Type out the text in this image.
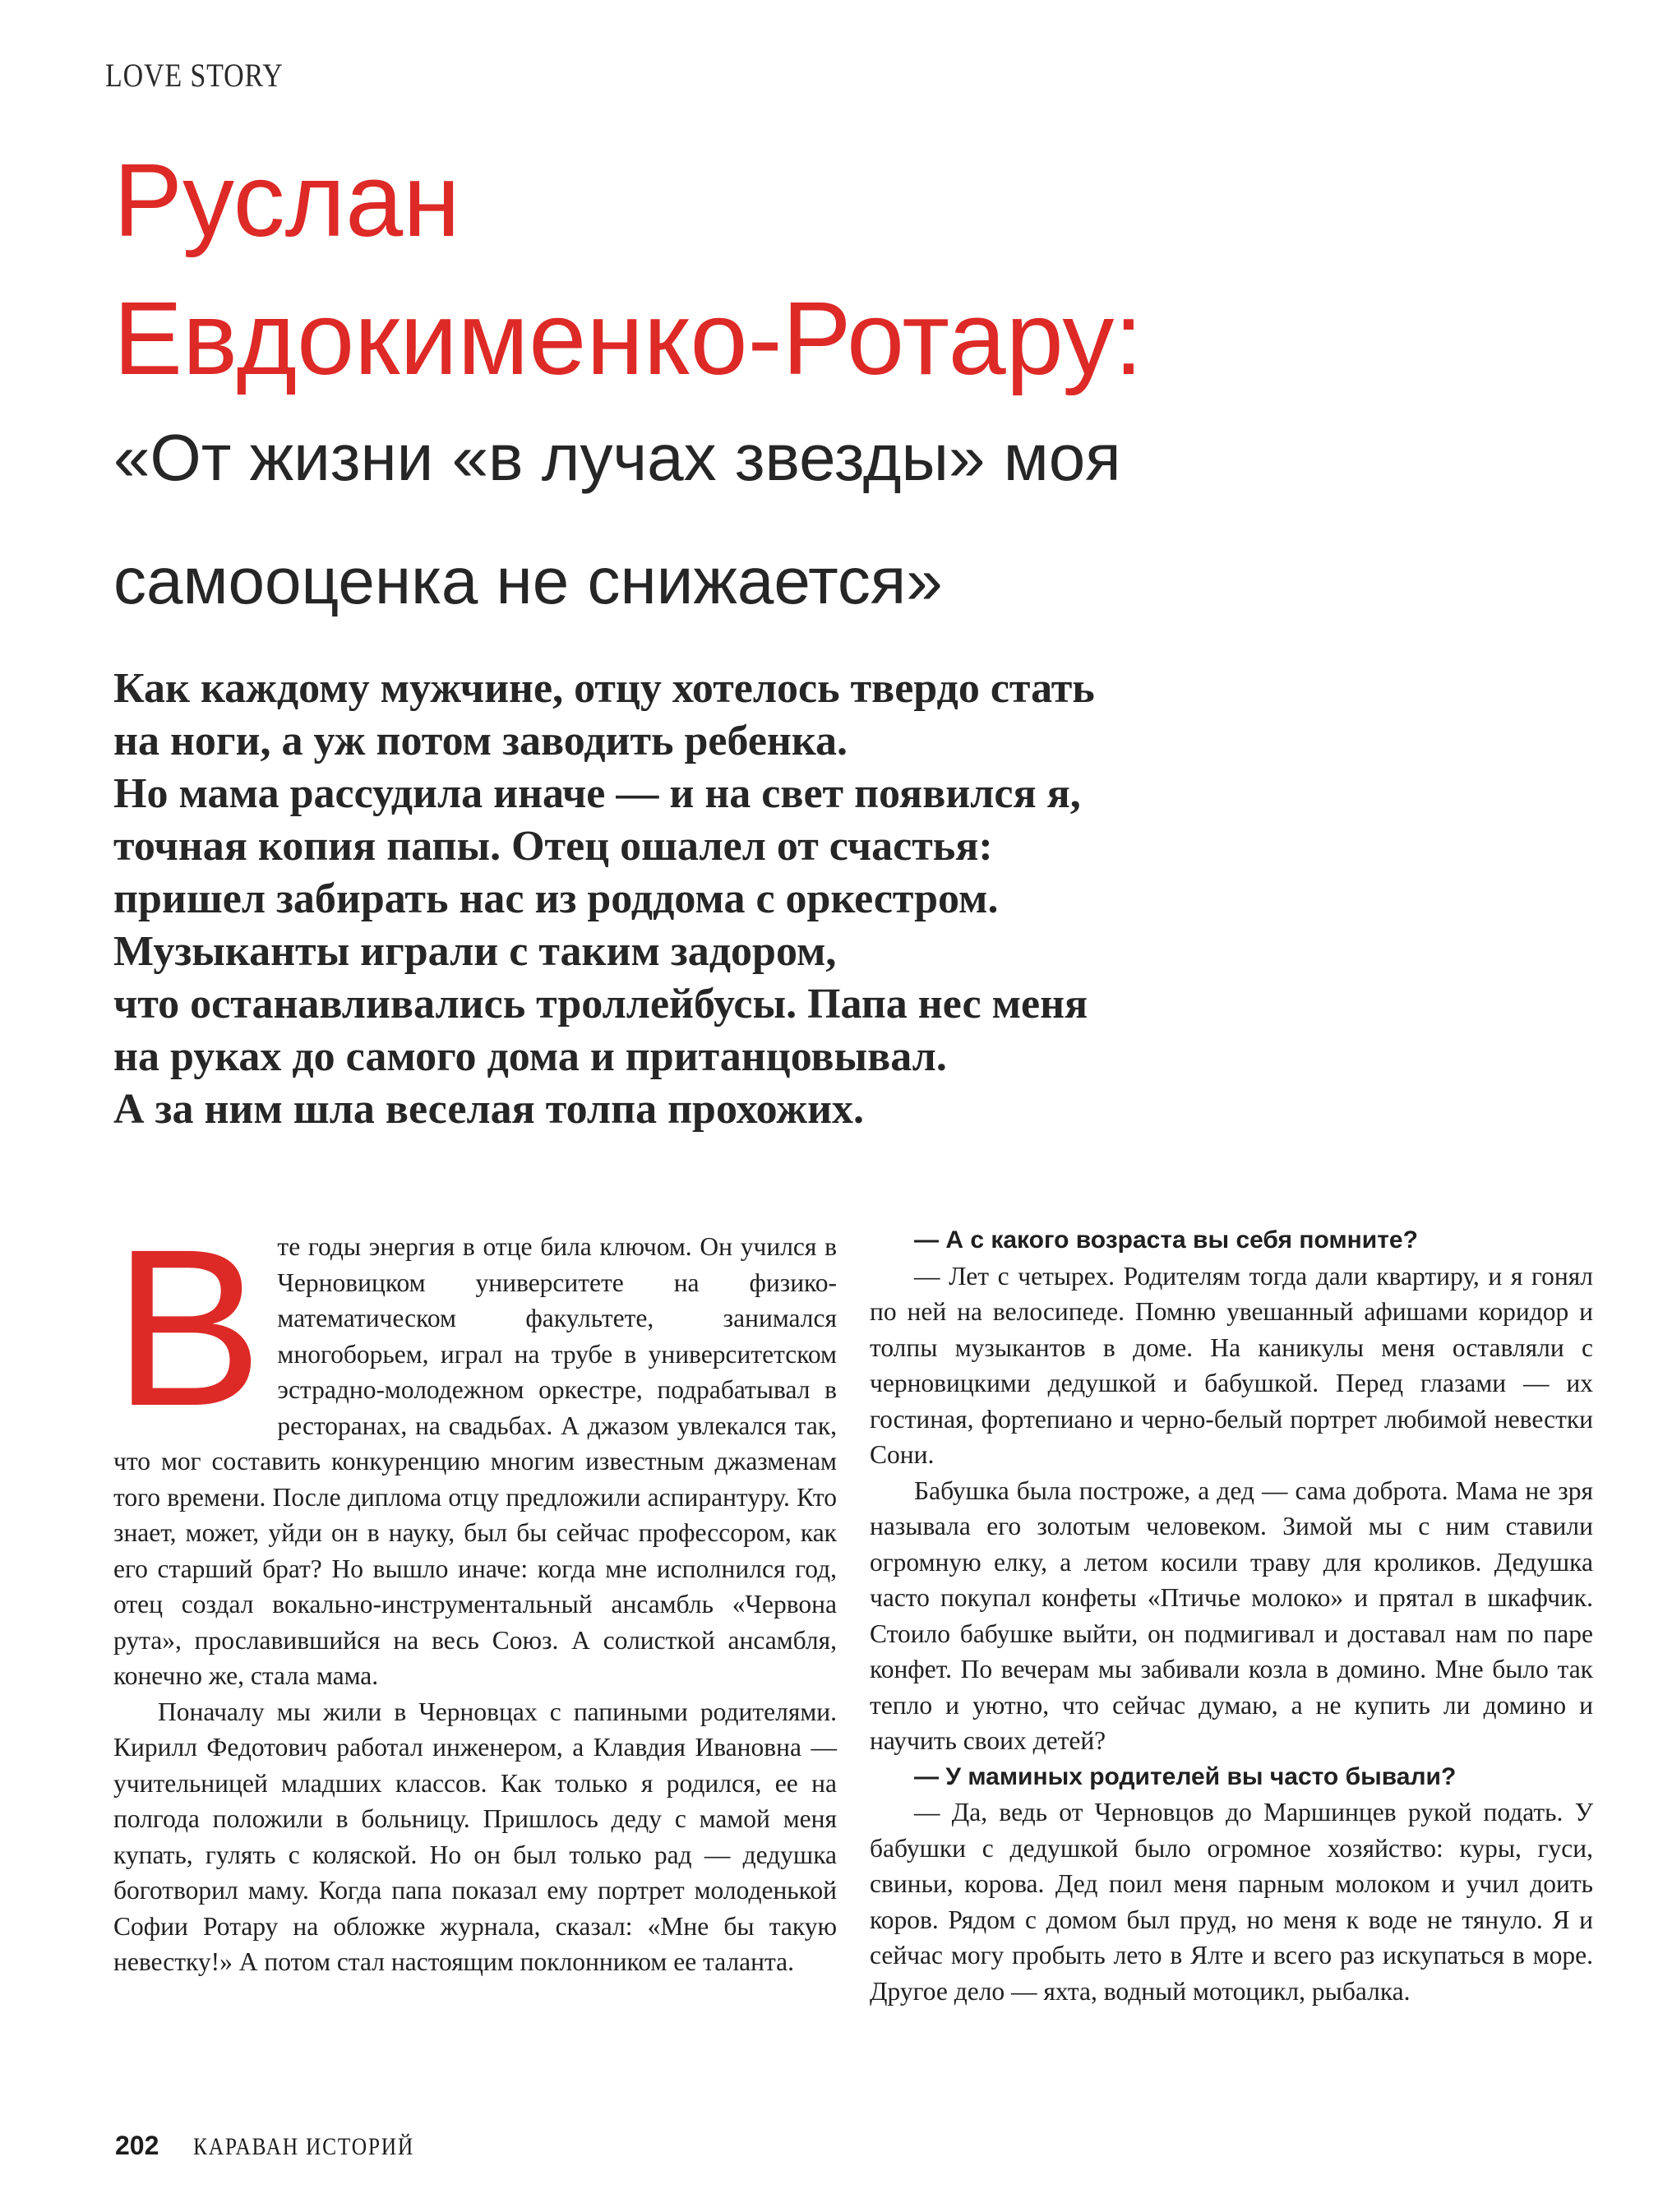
LOVE STORY
Руслан
Евдокименко-Ротару:
«От жизни «в лучах звезды» моя
самооценка не снижается»
Как каждому мужчине, отцу хотелось твердо стать
на ноги, а уж потом заводить ребенка.
Но мама рассудила иначе — и на свет появился я,
точная копия папы. Отец ошалел от счастья:
пришел забирать нас из роддома с оркестром.
Музыканты играли с таким задором,
что останавливались троллейбусы. Папа нес меня
на руках до самого дома и пританцовывал.
А за ним шла веселая толпа прохожих.

Вте годы энергия в отце била ключом. Он учился в Черновицком университете на физико-математическом факультете, занимался многоборьем, играл на трубе в университетском эстрадно-молодежном оркестре, подрабатывал в ресторанах, на свадьбах. А джазом увлекался так, что мог составить конкуренцию многим известным джазменам того времени. После диплома отцу предложили аспирантуру. Кто знает, может, уйди он в науку, был бы сейчас профессором, как его старший брат? Но вышло иначе: когда мне исполнился год, отец создал вокально-инструментальный ансамбль «Червона рута», прославившийся на весь Союз. А солисткой ансамбля, конечно же, стала мама.

Поначалу мы жили в Черновцах с папиными родителями. Кирилл Федотович работал инженером, а Клавдия Ивановна — учительницей младших классов. Как только я родился, ее на полгода положили в больницу. Пришлось деду с мамой меня купать, гулять с коляской. Но он был только рад — дедушка боготворил маму. Когда папа показал ему портрет молоденькой Софии Ротару на обложке журнала, сказал: «Мне бы такую невестку!» А потом стал настоящим поклонником ее таланта.

— А с какого возраста вы себя помните?

— Лет с четырех. Родителям тогда дали квартиру, и я гонял по ней на велосипеде. Помню увешанный афишами коридор и толпы музыкантов в доме. На каникулы меня оставляли с черновицкими дедушкой и бабушкой. Перед глазами — их гостиная, фортепиано и черно-белый портрет любимой невестки Сони.

Бабушка была построже, а дед — сама доброта. Мама не зря называла его золотым человеком. Зимой мы с ним ставили огромную елку, а летом косили траву для кроликов. Дедушка часто покупал конфеты «Птичье молоко» и прятал в шкафчик. Стоило бабушке выйти, он подмигивал и доставал нам по паре конфет. По вечерам мы забивали козла в домино. Мне было так тепло и уютно, что сейчас думаю, а не купить ли домино и научить своих детей?

— У маминых родителей вы часто бывали?

— Да, ведь от Черновцов до Маршинцев рукой подать. У бабушки с дедушкой было огромное хозяйство: куры, гуси, свиньи, корова. Дед поил меня парным молоком и учил доить коров. Рядом с домом был пруд, но меня к воде не тянуло. Я и сейчас могу пробыть лето в Ялте и всего раз искупаться в море. Другое дело — яхта, водный мотоцикл, рыбалка.

202 КАРАВАН ИСТОРИЙ
